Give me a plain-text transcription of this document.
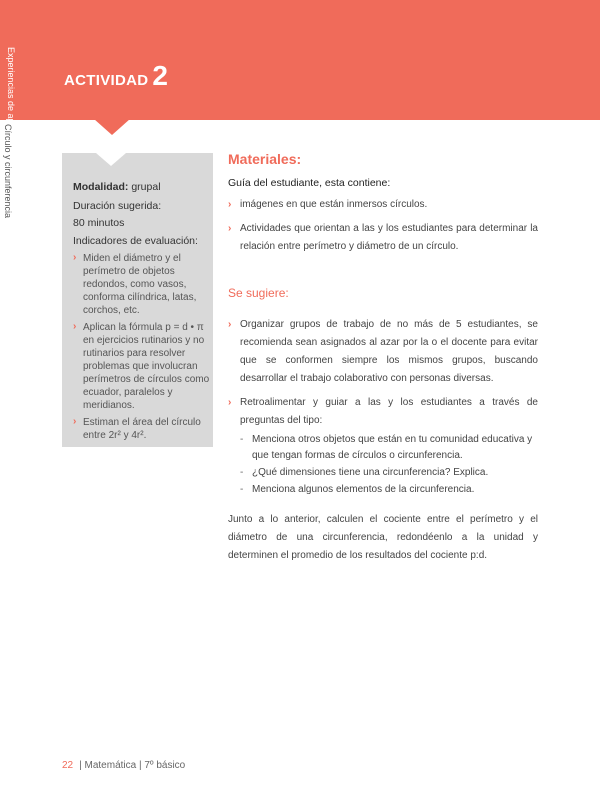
ACTIVIDAD 2
Experiencias de aprendizaje
Círculo y circunferencia	Modalidad: grupal
Duración sugerida:
80 minutos
Indicadores de evaluación:
› Miden el diámetro y el perímetro de objetos redondos, como vasos, conforma cilíndrica, latas, corchos, etc.
› Aplican la fórmula p = d • π en ejercicios rutinarios y no rutinarios para resolver problemas que involucran perímetros de círculos como ecuador, paralelos y meridianos.
› Estiman el área del círculo entre 2r² y 4r².
Materiales:
Guía del estudiante, esta contiene:
› imágenes en que están inmersos círculos.
› Actividades que orientan a las y los estudiantes para determinar la relación entre perímetro y diámetro de un círculo.
Se sugiere:
› Organizar grupos de trabajo de no más de 5 estudiantes, se recomienda sean asignados al azar por la o el docente para evitar que se conformen siempre los mismos grupos, buscando desarrollar el trabajo colaborativo con personas diversas.
› Retroalimentar y guiar a las y los estudiantes a través de preguntas del tipo:
- Menciona otros objetos que están en tu comunidad educativa y que tengan formas de círculos o circunferencia.
- ¿Qué dimensiones tiene una circunferencia? Explica.
- Menciona algunos elementos de la circunferencia.
Junto a lo anterior, calculen el cociente entre el perímetro y el diámetro de una circunferencia, redondéenlo a la unidad y determinen el promedio de los resultados del cociente p:d.
22 | Matemática | 7º básico
